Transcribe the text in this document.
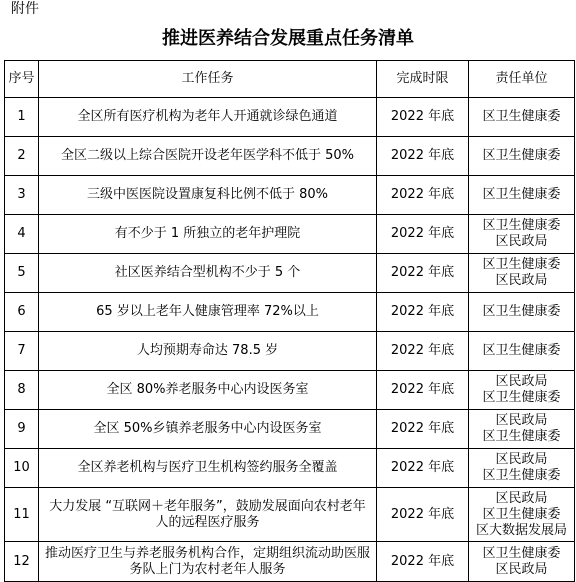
附件
推进医养结合发展重点任务清单
序号	工作任务	完成时限	责任单位
1	全区所有医疗机构为老年人开通就诊绿色通道	2022 年底	区卫生健康委

2	全区二级以上综合医院开设老年医学科不低于 50%	2022 年底	区卫生健康委

3	三级中医医院设置康复科比例不低于 80%	2022 年底	区卫生健康委

4	有不少于 1 所独立的老年护理院	2022 年底	区卫生健康委
区民政局

5	社区医养结合型机构不少于 5 个	2022 年底	区卫生健康委
区民政局

6	65 岁以上老年人健康管理率 72%以上	2022 年底	区卫生健康委

7	人均预期寿命达 78.5 岁	2022 年底	区卫生健康委

8	全区 80%养老服务中心内设医务室	2022 年底	区民政局
区卫生健康委

9	全区 50%乡镇养老服务中心内设医务室	2022 年底	区民政局
区卫生健康委

10	全区养老机构与医疗卫生机构签约服务全覆盖	2022 年底	区民政局
区卫生健康委

11	大力发展 “互联网＋老年服务”，鼓励发展面向农村老年人的远程医疗服务	2022 年底	区民政局
区卫生健康委
区大数据发展局

12	推动医疗卫生与养老服务机构合作，定期组织流动助医服务队上门为农村老年人服务	2022 年底	区卫生健康委
区民政局
